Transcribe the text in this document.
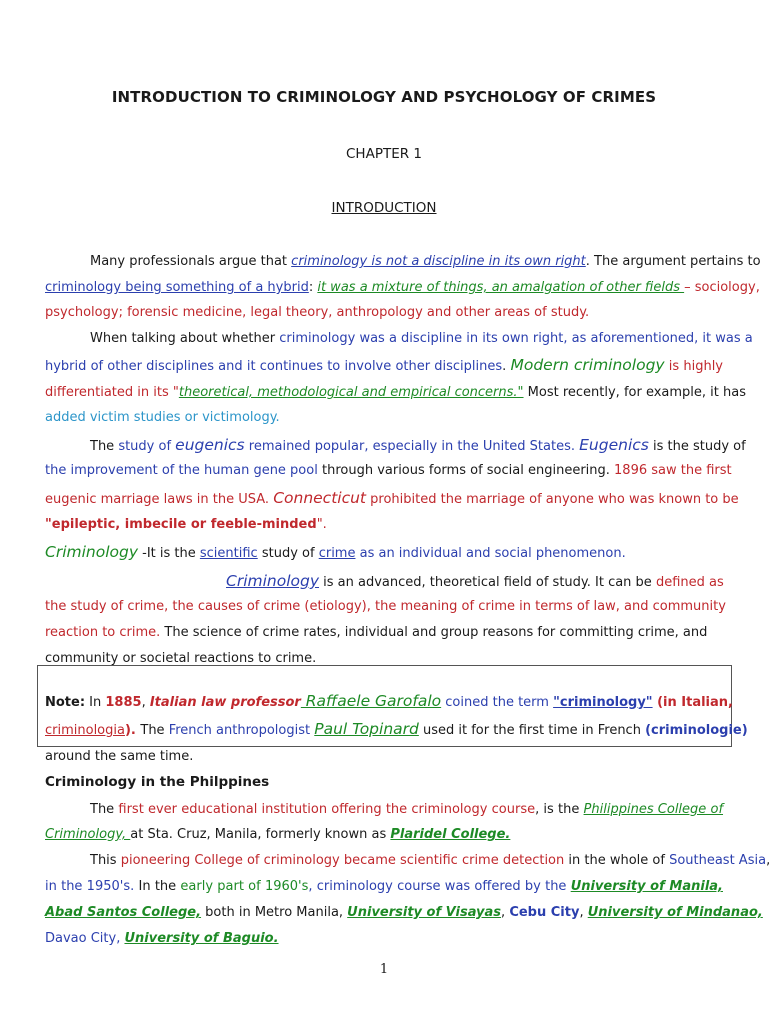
INTRODUCTION TO CRIMINOLOGY AND PSYCHOLOGY OF CRIMES
CHAPTER 1
INTRODUCTION
Many professionals argue that criminology is not a discipline in its own right. The argument pertains to
criminology being something of a hybrid: it was a mixture of things, an amalgation of other fields – sociology,
psychology; forensic medicine, legal theory, anthropology and other areas of study.
When talking about whether criminology was a discipline in its own right, as aforementioned, it was a
hybrid of other disciplines and it continues to involve other disciplines. Modern criminology is highly
differentiated in its "theoretical, methodological and empirical concerns." Most recently, for example, it has
added victim studies or victimology.
The study of eugenics remained popular, especially in the United States. Eugenics is the study of
the improvement of the human gene pool through various forms of social engineering. 1896 saw the first
eugenic marriage laws in the USA. Connecticut prohibited the marriage of anyone who was known to be
"epileptic, imbecile or feeble-minded".
Criminology -It is the scientific study of crime as an individual and social phenomenon.
Criminology is an advanced, theoretical field of study. It can be defined as
the study of crime, the causes of crime (etiology), the meaning of crime in terms of law, and community
reaction to crime. The science of crime rates, individual and group reasons for committing crime, and
community or societal reactions to crime.
Note: In 1885, Italian law professor Raffaele Garofalo coined the term "criminology" (in Italian,
criminologia). The French anthropologist Paul Topinard used it for the first time in French (criminologie)
around the same time.
Criminology in the Philppines
The first ever educational institution offering the criminology course, is the Philippines College of
Criminology, at Sta. Cruz, Manila, formerly known as Plaridel College.
This pioneering College of criminology became scientific crime detection in the whole of Southeast Asia,
in the 1950's. In the early part of 1960's, criminology course was offered by the University of Manila,
Abad Santos College, both in Metro Manila, University of Visayas, Cebu City, University of Mindanao,
Davao City, University of Baguio.
1
